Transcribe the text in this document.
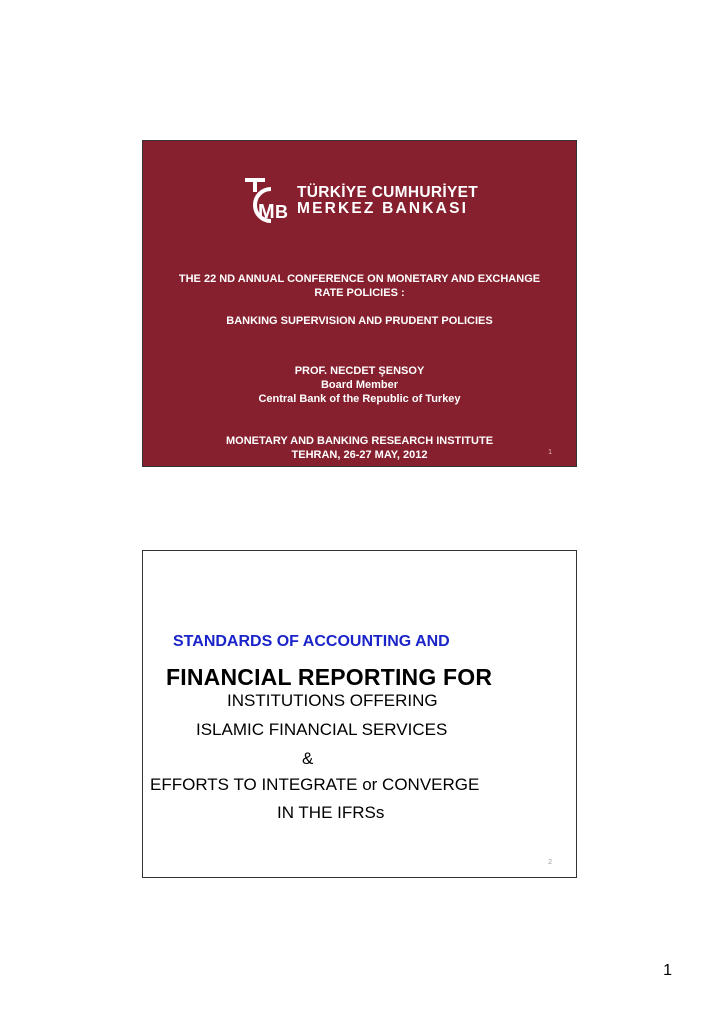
M B
TÜRKİYE CUMHURİYET
MERKEZ BANKASI
THE 22 ND ANNUAL CONFERENCE ON MONETARY AND EXCHANGE
RATE POLICIES :
BANKING SUPERVISION AND PRUDENT POLICIES
PROF. NECDET ŞENSOY
Board Member
Central Bank of the Republic of Turkey
MONETARY AND BANKING RESEARCH INSTITUTE
TEHRAN, 26-27 MAY, 2012	1
STANDARDS OF ACCOUNTING AND
FINANCIAL REPORTING FOR
INSTITUTIONS OFFERING
ISLAMIC FINANCIAL SERVICES
&
EFFORTS TO INTEGRATE or CONVERGE
IN THE IFRSs
2
1
